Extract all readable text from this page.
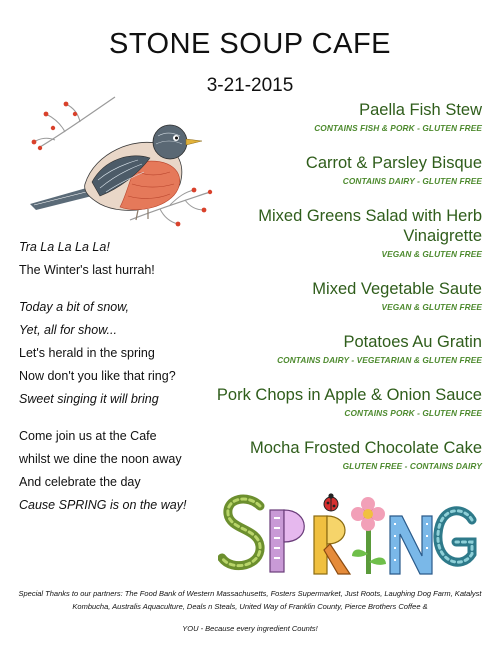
STONE SOUP CAFE
3-21-2015
Tra La La La La!
The Winter's last hurrah!
Today a bit of snow,
Yet, all for show...
Let's herald in the spring
Now don't you like that ring?
Sweet singing it will bring
Come join us at the Cafe
whilst we dine the noon away
And celebrate the day
Cause SPRING is on the way!
Paella Fish Stew
CONTAINS FISH & PORK - GLUTEN FREE
Carrot & Parsley Bisque
CONTAINS DAIRY - GLUTEN FREE
Mixed Greens Salad with Herb Vinaigrette
VEGAN & GLUTEN FREE
Mixed Vegetable Saute
VEGAN & GLUTEN FREE
Potatoes Au Gratin
CONTAINS DAIRY - VEGETARIAN & GLUTEN FREE
Pork Chops in Apple & Onion Sauce
CONTAINS PORK - GLUTEN FREE
Mocha Frosted Chocolate Cake
GLUTEN FREE - CONTAINS DAIRY
Special Thanks to our partners: The Food Bank of Western Massachusetts, Fosters Supermarket, Just Roots, Laughing Dog Farm, Katalyst Kombucha, Australis Aquaculture, Deals n Steals, United Way of Franklin County, Pierce Brothers Coffee &
YOU - Because every ingredient Counts!
